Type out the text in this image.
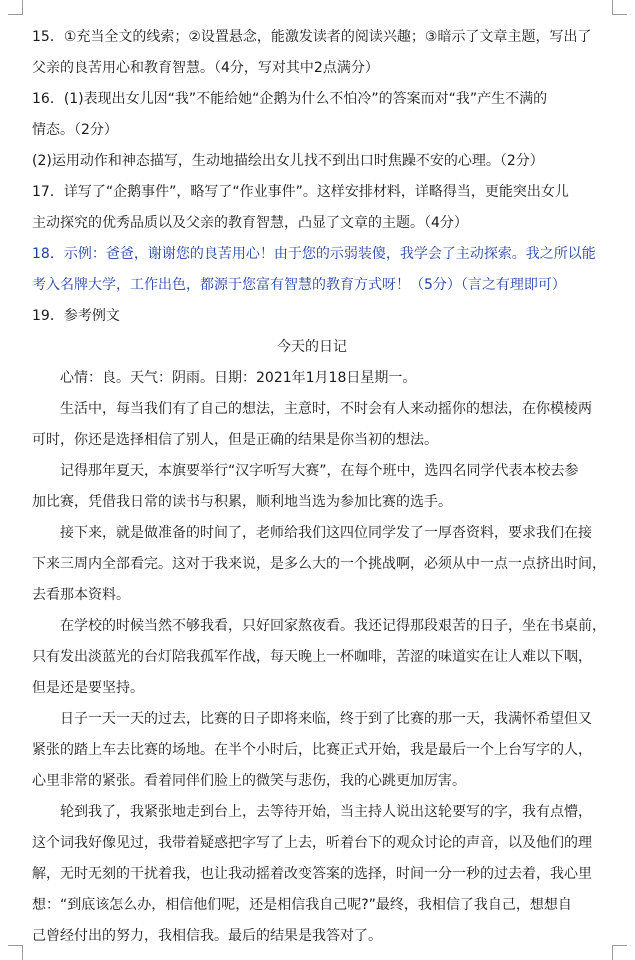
15．①充当全文的线索；②设置悬念，能激发读者的阅读兴趣；③暗示了文章主题，写出了
父亲的良苦用心和教育智慧。（4分，写对其中2点满分）
16．(1)表现出女儿因“我”不能给她“企鹅为什么不怕冷”的答案而对“我”产生不满的
情态。（2分）
(2)运用动作和神态描写，生动地描绘出女儿找不到出口时焦躁不安的心理。（2分）
17．详写了“企鹅事件”，略写了“作业事件”。这样安排材料，详略得当，更能突出女儿
主动探究的优秀品质以及父亲的教育智慧，凸显了文章的主题。（4分）
18．示例：爸爸，谢谢您的良苦用心！由于您的示弱装傻，我学会了主动探索。我之所以能
考入名牌大学，工作出色，都源于您富有智慧的教育方式呀！（5分）（言之有理即可）
19．参考例文
今天的日记
心情：良。天气：阴雨。日期：2021年1月18日星期一。
生活中，每当我们有了自己的想法，主意时，不时会有人来动摇你的想法，在你模棱两
可时，你还是选择相信了别人，但是正确的结果是你当初的想法。
记得那年夏天，本旗要举行“汉字听写大赛”，在每个班中，选四名同学代表本校去参
加比赛，凭借我日常的读书与积累，顺利地当选为参加比赛的选手。
接下来，就是做准备的时间了，老师给我们这四位同学发了一厚沓资料，要求我们在接
下来三周内全部看完。这对于我来说，是多么大的一个挑战啊，必须从中一点一点挤出时间，
去看那本资料。
在学校的时候当然不够我看，只好回家熬夜看。我还记得那段艰苦的日子，坐在书桌前，
只有发出淡蓝光的台灯陪我孤军作战，每天晚上一杯咖啡，苦涩的味道实在让人难以下咽，
但是还是要坚持。
日子一天一天的过去，比赛的日子即将来临，终于到了比赛的那一天，我满怀希望但又
紧张的踏上车去比赛的场地。在半个小时后，比赛正式开始，我是最后一个上台写字的人，
心里非常的紧张。看着同伴们脸上的微笑与悲伤，我的心跳更加厉害。
轮到我了，我紧张地走到台上，去等待开始，当主持人说出这轮要写的字，我有点懵，
这个词我好像见过，我带着疑惑把字写了上去，听着台下的观众讨论的声音，以及他们的理
解，无时无刻的干扰着我，也让我动摇着改变答案的选择，时间一分一秒的过去着，我心里
想：“到底该怎么办，相信他们呢，还是相信我自己呢?”最终，我相信了我自己，想想自
己曾经付出的努力，我相信我。最后的结果是我答对了。
